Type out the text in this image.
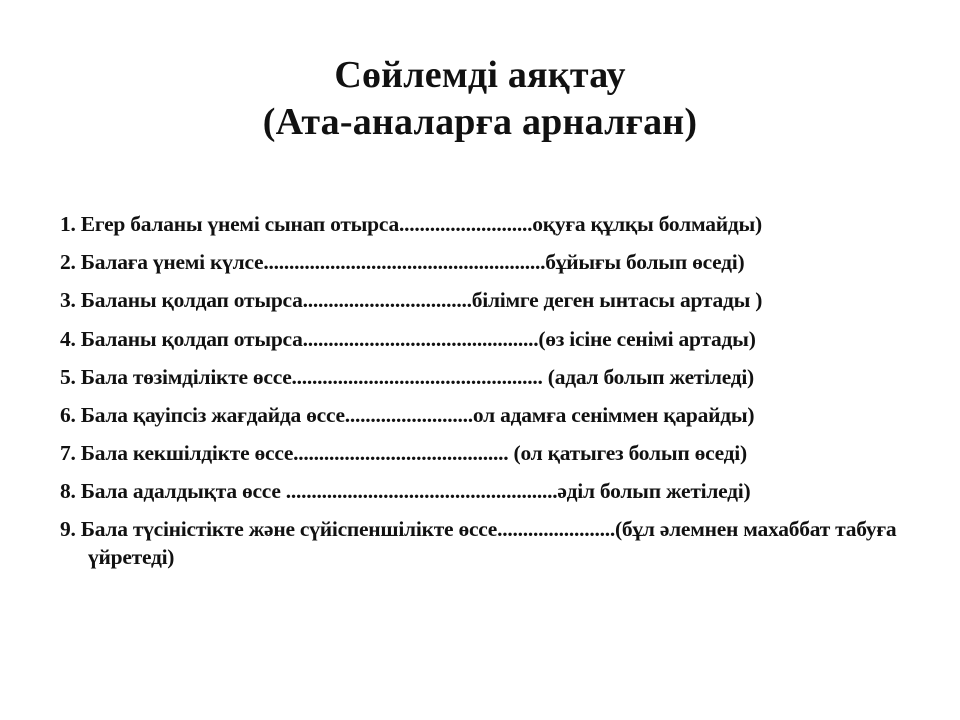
Сөйлемді аяқтау
(Ата-аналарға арналған)
1. Егер баланы үнемі сынап отырса..........................оқуға құлқы болмайды)
2. Балаға үнемі күлсе.......................................................бұйығы болып өседі)
3. Баланы қолдап отырса.................................білімге деген ынтасы артады )
4. Баланы қолдап отырса..............................................(өз ісіне сенімі артады)
5. Бала төзімділікте өссе................................................. (адал болып жетіледі)
6. Бала қауіпсіз жағдайда өссе.........................ол адамға сеніммен қарайды)
7. Бала кекшілдікте өссе.......................................... (ол қатыгез болып өседі)
8. Бала адалдықта өссе .....................................................әділ болып жетіледі)
9. Бала түсіністікте және сүйіспеншілікте өссе.......................(бұл әлемнен махаббат табуға үйретеді)
